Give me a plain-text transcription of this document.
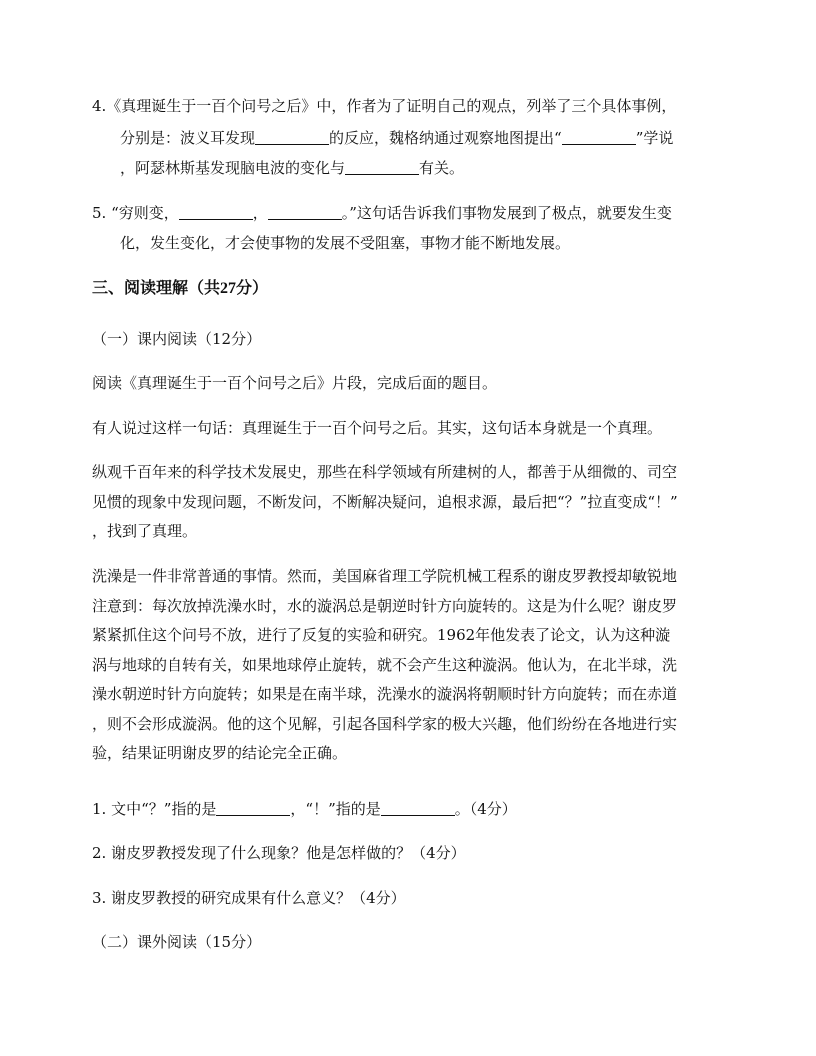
4.《真理诞生于一百个问号之后》中，作者为了证明自己的观点，列举了三个具体事例，
分别是：波义耳发现	的反应，魏格纳通过观察地图提出“	”学说
，阿瑟林斯基发现脑电波的变化与	有关。
5. “穷则变，	，	。”这句话告诉我们事物发展到了极点，就要发生变
化，发生变化，才会使事物的发展不受阻塞，事物才能不断地发展。
三、阅读理解（共27分）
（一）课内阅读（12分）
阅读《真理诞生于一百个问号之后》片段，完成后面的题目。
有人说过这样一句话：真理诞生于一百个问号之后。其实，这句话本身就是一个真理。
纵观千百年来的科学技术发展史，那些在科学领域有所建树的人，都善于从细微的、司空
见惯的现象中发现问题，不断发问，不断解决疑问，追根求源，最后把“？”拉直变成“！”
，找到了真理。
洗澡是一件非常普通的事情。然而，美国麻省理工学院机械工程系的谢皮罗教授却敏锐地
注意到：每次放掉洗澡水时，水的漩涡总是朝逆时针方向旋转的。这是为什么呢？谢皮罗
紧紧抓住这个问号不放，进行了反复的实验和研究。1962年他发表了论文，认为这种漩
涡与地球的自转有关，如果地球停止旋转，就不会产生这种漩涡。他认为，在北半球，洗
澡水朝逆时针方向旋转；如果是在南半球，洗澡水的漩涡将朝顺时针方向旋转；而在赤道
，则不会形成漩涡。他的这个见解，引起各国科学家的极大兴趣，他们纷纷在各地进行实
验，结果证明谢皮罗的结论完全正确。
1. 文中“？”指的是	，“！”指的是	。（4分）
2. 谢皮罗教授发现了什么现象？他是怎样做的？（4分）
3. 谢皮罗教授的研究成果有什么意义？（4分）
（二）课外阅读（15分）
